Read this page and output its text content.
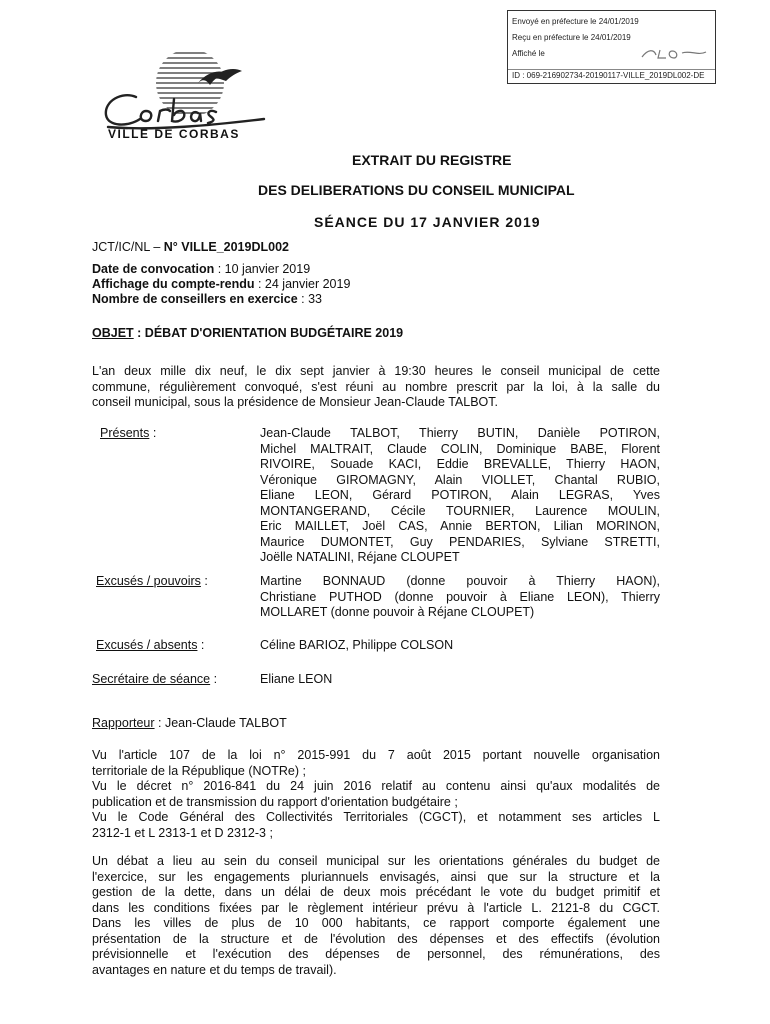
Envoyé en préfecture le 24/01/2019
Reçu en préfecture le 24/01/2019
Affiché le
ID : 069-216902734-20190117-VILLE_2019DL002-DE
VILLE DE CORBAS
EXTRAIT DU REGISTRE
DES DELIBERATIONS DU CONSEIL MUNICIPAL
SÉANCE DU 17 JANVIER 2019
JCT/IC/NL – N° VILLE_2019DL002
Date de convocation : 10 janvier 2019
Affichage du compte-rendu : 24 janvier 2019
Nombre de conseillers en exercice : 33
OBJET : DÉBAT D'ORIENTATION BUDGÉTAIRE 2019
L'an deux mille dix neuf, le dix sept janvier à 19:30 heures le conseil municipal de cette
commune, régulièrement convoqué, s'est réuni au nombre prescrit par la loi, à la salle du
conseil municipal, sous la présidence de Monsieur Jean-Claude TALBOT.
Présents :	Jean-Claude TALBOT, Thierry BUTIN, Danièle POTIRON,
Michel MALTRAIT, Claude COLIN, Dominique BABE, Florent
RIVOIRE, Souade KACI, Eddie BREVALLE, Thierry HAON,
Véronique GIROMAGNY, Alain VIOLLET, Chantal RUBIO,
Eliane LEON, Gérard POTIRON, Alain LEGRAS, Yves
MONTANGERAND, Cécile TOURNIER, Laurence MOULIN,
Eric MAILLET, Joël CAS, Annie BERTON, Lilian MORINON,
Maurice DUMONTET, Guy PENDARIES, Sylviane STRETTI,
Joëlle NATALINI, Réjane CLOUPET
Excusés / pouvoirs :	Martine BONNAUD (donne pouvoir à Thierry HAON),
Christiane PUTHOD (donne pouvoir à Eliane LEON), Thierry
MOLLARET (donne pouvoir à Réjane CLOUPET)
Excusés / absents :	Céline BARIOZ, Philippe COLSON
Secrétaire de séance :	Eliane LEON
Rapporteur : Jean-Claude TALBOT
Vu l'article 107 de la loi n° 2015-991 du 7 août 2015 portant nouvelle organisation
territoriale de la République (NOTRe) ;
Vu le décret n° 2016-841 du 24 juin 2016 relatif au contenu ainsi qu'aux modalités de
publication et de transmission du rapport d'orientation budgétaire ;
Vu le Code Général des Collectivités Territoriales (CGCT), et notamment ses articles L
2312-1 et L 2313-1 et D 2312-3 ;
Un débat a lieu au sein du conseil municipal sur les orientations générales du budget de
l'exercice, sur les engagements pluriannuels envisagés, ainsi que sur la structure et la
gestion de la dette, dans un délai de deux mois précédant le vote du budget primitif et
dans les conditions fixées par le règlement intérieur prévu à l'article L. 2121-8 du CGCT.
Dans les villes de plus de 10 000 habitants, ce rapport comporte également une
présentation de la structure et de l'évolution des dépenses et des effectifs (évolution
prévisionnelle et l'exécution des dépenses de personnel, des rémunérations, des
avantages en nature et du temps de travail).
